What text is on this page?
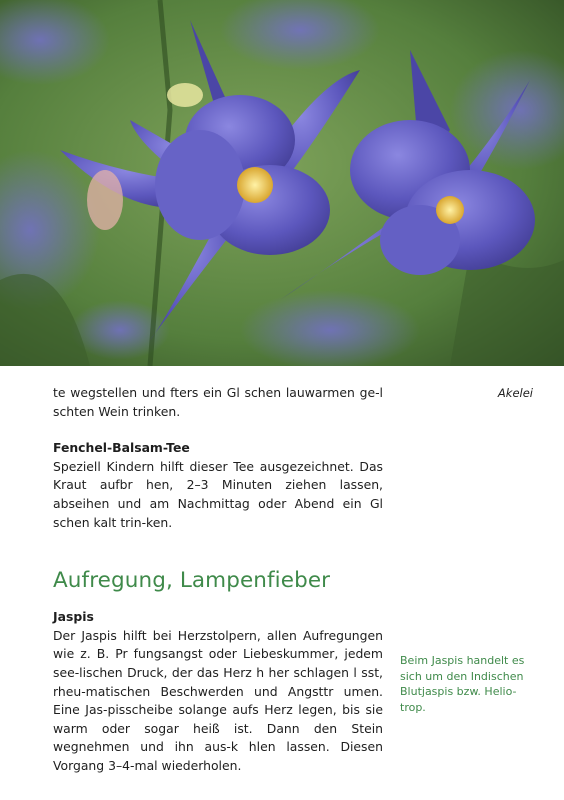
Akelei

te wegstellen und fters ein Gl schen lauwarmen ge-l schten Wein trinken.

Fenchel-Balsam-Tee

Speziell Kindern hilft dieser Tee ausgezeichnet. Das Kraut aufbr hen, 2–3 Minuten ziehen lassen, abseihen und am Nachmittag oder Abend ein Gl schen kalt trin-ken.

Aufregung, Lampenfieber

Jaspis

Der Jaspis hilft bei Herzstolpern, allen Aufregungen wie z. B. Pr fungsangst oder Liebeskummer, jedem see-lischen Druck, der das Herz h her schlagen l sst, rheu-matischen Beschwerden und Angsttr umen. Eine Jas-pisscheibe solange aufs Herz legen, bis sie warm oder sogar heiß ist. Dann den Stein wegnehmen und ihn aus-k hlen lassen. Diesen Vorgang 3–4-mal wiederholen.

Beim Jaspis handelt es sich um den Indischen Blutjaspis bzw. Helio-trop.
